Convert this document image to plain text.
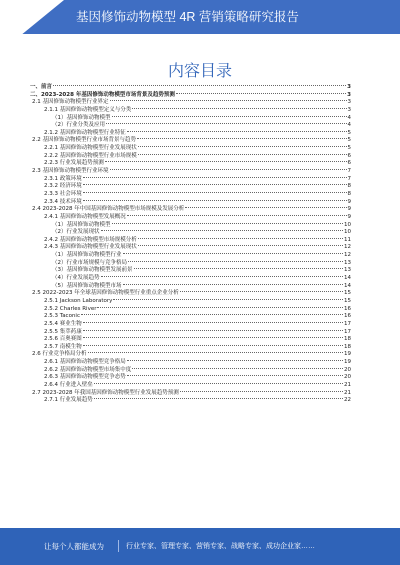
基因修饰动物模型 4R 营销策略研究报告
内容目录
一、前言	3
二、2023-2028 年基因修饰动物模型市场背景及趋势预测	3
2.1 基因修饰动物模型行业界定	3
2.1.1 基因修饰动物模型定义与分类	3
（1）基因修饰动物模型	4
（2）行业分类及应用	4
2.1.2 基因修饰动物模型行业特征	5
2.2 基因修饰动物模型行业市场背景与趋势	5
2.2.1 基因修饰动物模型行业发展现状	5
2.2.2 基因修饰动物模型行业市场规模	6
2.2.3 行业发展趋势预测	6
2.3 基因修饰动物模型行业环境	7
2.3.1 政策环境	7
2.3.2 经济环境	8
2.3.3 社会环境	8
2.3.4 技术环境	9
2.4 2023-2028 年中国基因修饰动物模型市场规模及发展分析	9
2.4.1 基因修饰动物模型发展概况	9
（1）基因修饰动物模型	10
（2）行业发展现状	10
2.4.2 基因修饰动物模型市场规模分析	11
2.4.3 基因修饰动物模型行业发展现状	12
（1）基因修饰动物模型行业	12
（2）行业市场规模与竞争格局	13
（3）基因修饰动物模型发展前景	13
（4）行业发展趋势	14
（5）基因修饰动物模型市场	14
2.5 2022-2023 年全球基因修饰动物模型行业重点企业分析	15
2.5.1 Jackson Laboratory	15
2.5.2 Charles River	16
2.5.3 Taconic	16
2.5.4 赛业生物	17
2.5.5 集萃药康	17
2.5.6 百奥赛图	18
2.5.7 南模生物	18
2.6 行业竞争格局分析	19
2.6.1 基因修饰动物模型竞争格局	19
2.6.2 基因修饰动物模型市场集中度	20
2.6.3 基因修饰动物模型竞争态势	20
2.6.4 行业进入壁垒	21
2.7 2023-2028 年我国基因修饰动物模型行业发展趋势预测	21
2.7.1 行业发展趋势	22
让每个人都能成为	行业专家、管理专家、营销专家、战略专家、成功企业家……
